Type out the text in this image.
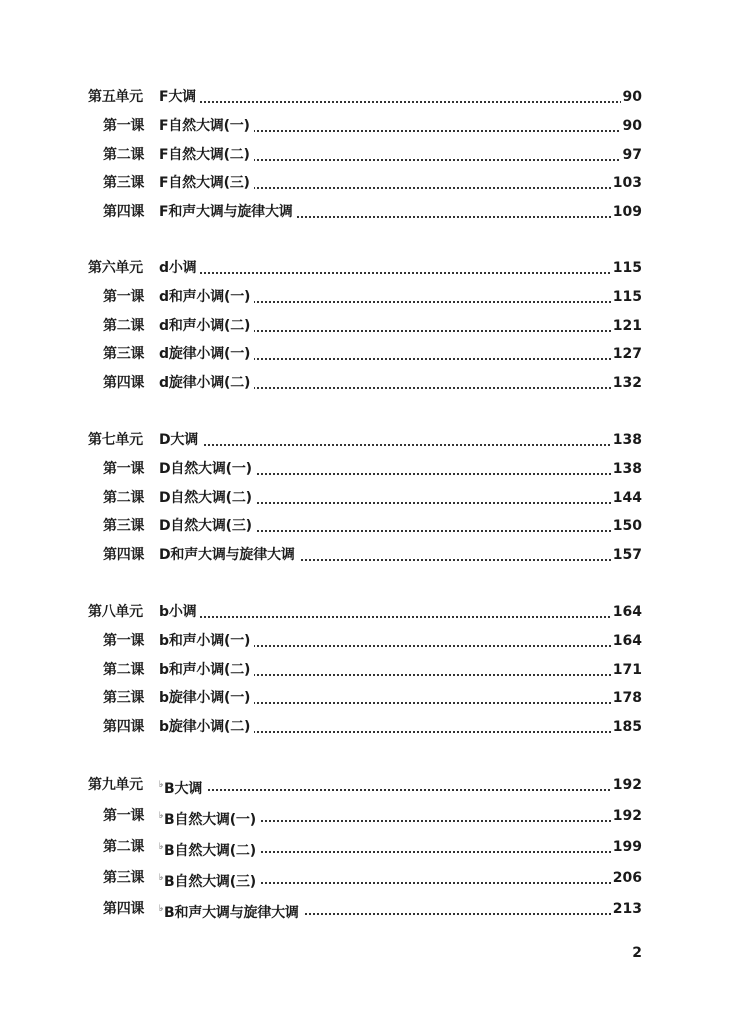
第五单元 F大调	90
第一课 F自然大调(一)	90
第二课 F自然大调(二)	97
第三课 F自然大调(三)	103
第四课 F和声大调与旋律大调	109
第六单元 d小调	115
第一课 d和声小调(一)	115
第二课 d和声小调(二)	121
第三课 d旋律小调(一)	127
第四课 d旋律小调(二)	132
第七单元 D大调	138
第一课 D自然大调(一)	138
第二课 D自然大调(二)	144
第三课 D自然大调(三)	150
第四课 D和声大调与旋律大调	157
第八单元 b小调	164
第一课 b和声小调(一)	164
第二课 b和声小调(二)	171
第三课 b旋律小调(一)	178
第四课 b旋律小调(二)	185
第九单元 ♭B大调	192
第一课 ♭B自然大调(一)	192
第二课 ♭B自然大调(二)	199
第三课 ♭B自然大调(三)	206
第四课 ♭B和声大调与旋律大调	213
2
